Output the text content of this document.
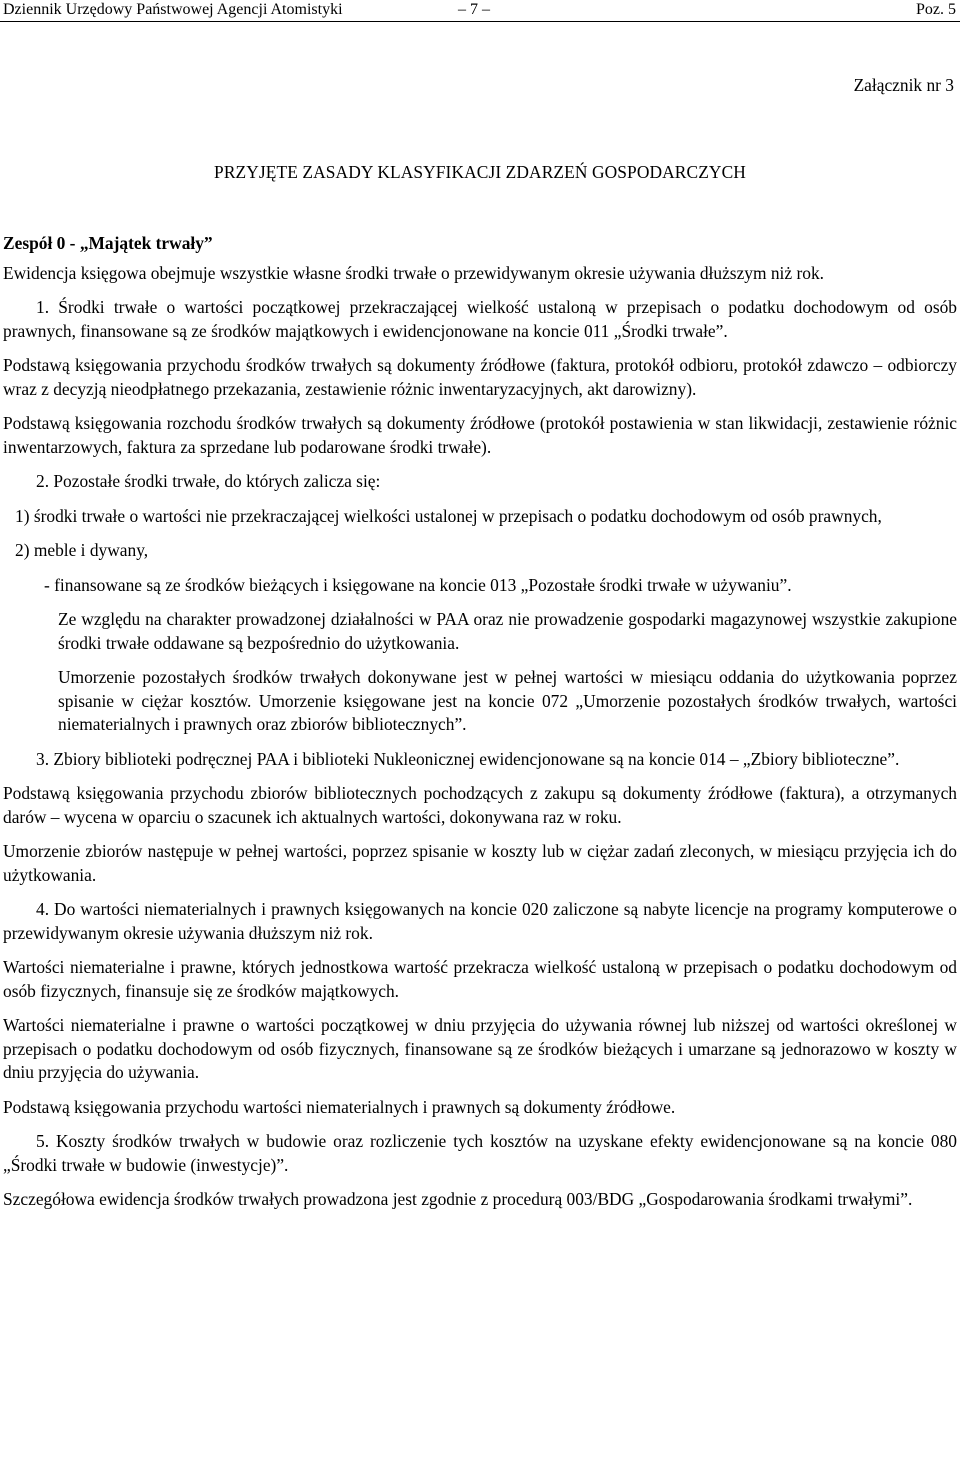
Dziennik Urzędowy Państwowej Agencji Atomistyki	– 7 –	Poz. 5
Załącznik nr 3
PRZYJĘTE ZASADY KLASYFIKACJI ZDARZEŃ GOSPODARCZYCH

Zespół 0 - „Majątek trwały”

Ewidencja księgowa obejmuje wszystkie własne środki trwałe o przewidywanym okresie używania dłuższym niż rok.

1. Środki trwałe o wartości początkowej przekraczającej wielkość ustaloną w przepisach o podatku dochodowym od osób prawnych, finansowane są ze środków majątkowych i ewidencjonowane na koncie 011 „Środki trwałe”.

Podstawą księgowania przychodu środków trwałych są dokumenty źródłowe (faktura, protokół odbioru, protokół zdawczo – odbiorczy wraz z decyzją nieodpłatnego przekazania, zestawienie różnic inwentaryzacyjnych, akt darowizny).

Podstawą księgowania rozchodu środków trwałych są dokumenty źródłowe (protokół postawienia w stan likwidacji, zestawienie różnic inwentarzowych, faktura za sprzedane lub podarowane środki trwałe).

2. Pozostałe środki trwałe, do których zalicza się:

1) środki trwałe o wartości nie przekraczającej wielkości ustalonej w przepisach o podatku dochodowym od osób prawnych,

2) meble i dywany,

- finansowane są ze środków bieżących i księgowane na koncie 013 „Pozostałe środki trwałe w używaniu”.

Ze względu na charakter prowadzonej działalności w PAA oraz nie prowadzenie gospodarki magazynowej wszystkie zakupione środki trwałe oddawane są bezpośrednio do użytkowania.

Umorzenie pozostałych środków trwałych dokonywane jest w pełnej wartości w miesiącu oddania do użytkowania poprzez spisanie w ciężar kosztów. Umorzenie księgowane jest na koncie 072 „Umorzenie pozostałych środków trwałych, wartości niematerialnych i prawnych oraz zbiorów bibliotecznych”.

3. Zbiory biblioteki podręcznej PAA i biblioteki Nukleonicznej ewidencjonowane są na koncie 014 – „Zbiory biblioteczne”.

Podstawą księgowania przychodu zbiorów bibliotecznych pochodzących z zakupu są dokumenty źródłowe (faktura), a otrzymanych darów – wycena w oparciu o szacunek ich aktualnych wartości, dokonywana raz w roku.

Umorzenie zbiorów następuje w pełnej wartości, poprzez spisanie w koszty lub w ciężar zadań zleconych, w miesiącu przyjęcia ich do użytkowania.

4. Do wartości niematerialnych i prawnych księgowanych na koncie 020 zaliczone są nabyte licencje na programy komputerowe o przewidywanym okresie używania dłuższym niż rok.

Wartości niematerialne i prawne, których jednostkowa wartość przekracza wielkość ustaloną w przepisach o podatku dochodowym od osób fizycznych, finansuje się ze środków majątkowych.

Wartości niematerialne i prawne o wartości początkowej w dniu przyjęcia do używania równej lub niższej od wartości określonej w przepisach o podatku dochodowym od osób fizycznych, finansowane są ze środków bieżących i umarzane są jednorazowo w koszty w dniu przyjęcia do używania.

Podstawą księgowania przychodu wartości niematerialnych i prawnych są dokumenty źródłowe.

5. Koszty środków trwałych w budowie oraz rozliczenie tych kosztów na uzyskane efekty ewidencjonowane są na koncie 080 „Środki trwałe w budowie (inwestycje)”.

Szczegółowa ewidencja środków trwałych prowadzona jest zgodnie z procedurą 003/BDG „Gospodarowania środkami trwałymi”.
